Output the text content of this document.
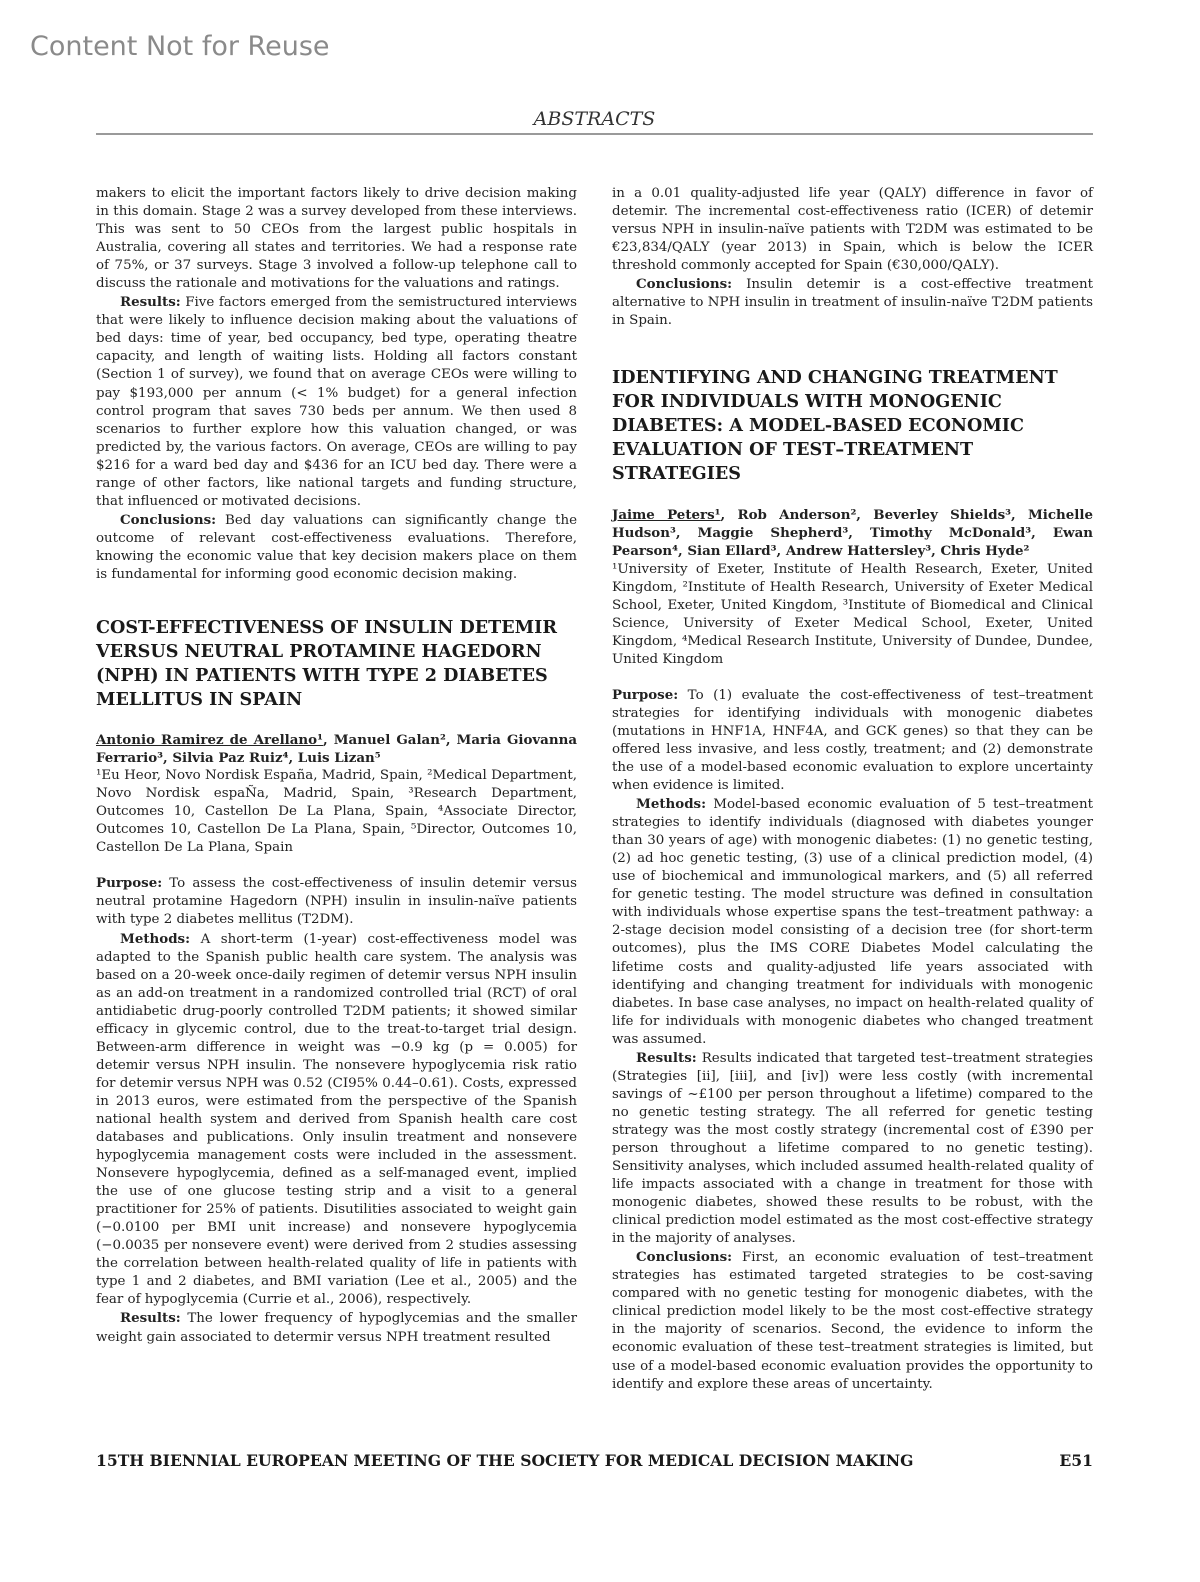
Content Not for Reuse
ABSTRACTS

makers to elicit the important factors likely to drive decision making in this domain. Stage 2 was a survey developed from these interviews. This was sent to 50 CEOs from the largest public hospitals in Australia, covering all states and territories. We had a response rate of 75%, or 37 surveys. Stage 3 involved a follow-up telephone call to discuss the rationale and motivations for the valuations and ratings.

Results: Five factors emerged from the semistructured interviews that were likely to influence decision making about the valuations of bed days: time of year, bed occupancy, bed type, operating theatre capacity, and length of waiting lists. Holding all factors constant (Section 1 of survey), we found that on average CEOs were willing to pay $193,000 per annum (< 1% budget) for a general infection control program that saves 730 beds per annum. We then used 8 scenarios to further explore how this valuation changed, or was predicted by, the various factors. On average, CEOs are willing to pay $216 for a ward bed day and $436 for an ICU bed day. There were a range of other factors, like national targets and funding structure, that influenced or motivated decisions.

Conclusions: Bed day valuations can significantly change the outcome of relevant cost-effectiveness evaluations. Therefore, knowing the economic value that key decision makers place on them is fundamental for informing good economic decision making.

COST-EFFECTIVENESS OF INSULIN DETEMIR VERSUS NEUTRAL PROTAMINE HAGEDORN (NPH) IN PATIENTS WITH TYPE 2 DIABETES MELLITUS IN SPAIN

Antonio Ramirez de Arellano¹, Manuel Galan², Maria Giovanna Ferrario³, Silvia Paz Ruiz⁴, Luis Lizan⁵

¹Eu Heor, Novo Nordisk España, Madrid, Spain, ²Medical Department, Novo Nordisk espaÑa, Madrid, Spain, ³Research Department, Outcomes 10, Castellon De La Plana, Spain, ⁴Associate Director, Outcomes 10, Castellon De La Plana, Spain, ⁵Director, Outcomes 10, Castellon De La Plana, Spain

Purpose: To assess the cost-effectiveness of insulin detemir versus neutral protamine Hagedorn (NPH) insulin in insulin-naïve patients with type 2 diabetes mellitus (T2DM).

Methods: A short-term (1-year) cost-effectiveness model was adapted to the Spanish public health care system. The analysis was based on a 20-week once-daily regimen of detemir versus NPH insulin as an add-on treatment in a randomized controlled trial (RCT) of oral antidiabetic drug-poorly controlled T2DM patients; it showed similar efficacy in glycemic control, due to the treat-to-target trial design. Between-arm difference in weight was −0.9 kg (p = 0.005) for detemir versus NPH insulin. The nonsevere hypoglycemia risk ratio for detemir versus NPH was 0.52 (CI95% 0.44–0.61). Costs, expressed in 2013 euros, were estimated from the perspective of the Spanish national health system and derived from Spanish health care cost databases and publications. Only insulin treatment and nonsevere hypoglycemia management costs were included in the assessment. Nonsevere hypoglycemia, defined as a self-managed event, implied the use of one glucose testing strip and a visit to a general practitioner for 25% of patients. Disutilities associated to weight gain (−0.0100 per BMI unit increase) and nonsevere hypoglycemia (−0.0035 per nonsevere event) were derived from 2 studies assessing the correlation between health-related quality of life in patients with type 1 and 2 diabetes, and BMI variation (Lee et al., 2005) and the fear of hypoglycemia (Currie et al., 2006), respectively.

Results: The lower frequency of hypoglycemias and the smaller weight gain associated to determir versus NPH treatment resulted

in a 0.01 quality-adjusted life year (QALY) difference in favor of detemir. The incremental cost-effectiveness ratio (ICER) of detemir versus NPH in insulin-naïve patients with T2DM was estimated to be €23,834/QALY (year 2013) in Spain, which is below the ICER threshold commonly accepted for Spain (€30,000/QALY).

Conclusions: Insulin detemir is a cost-effective treatment alternative to NPH insulin in treatment of insulin-naïve T2DM patients in Spain.

IDENTIFYING AND CHANGING TREATMENT FOR INDIVIDUALS WITH MONOGENIC DIABETES: A MODEL-BASED ECONOMIC EVALUATION OF TEST–TREATMENT STRATEGIES

Jaime Peters¹, Rob Anderson², Beverley Shields³, Michelle Hudson³, Maggie Shepherd³, Timothy McDonald³, Ewan Pearson⁴, Sian Ellard³, Andrew Hattersley³, Chris Hyde²

¹University of Exeter, Institute of Health Research, Exeter, United Kingdom, ²Institute of Health Research, University of Exeter Medical School, Exeter, United Kingdom, ³Institute of Biomedical and Clinical Science, University of Exeter Medical School, Exeter, United Kingdom, ⁴Medical Research Institute, University of Dundee, Dundee, United Kingdom

Purpose: To (1) evaluate the cost-effectiveness of test–treatment strategies for identifying individuals with monogenic diabetes (mutations in HNF1A, HNF4A, and GCK genes) so that they can be offered less invasive, and less costly, treatment; and (2) demonstrate the use of a model-based economic evaluation to explore uncertainty when evidence is limited.

Methods: Model-based economic evaluation of 5 test–treatment strategies to identify individuals (diagnosed with diabetes younger than 30 years of age) with monogenic diabetes: (1) no genetic testing, (2) ad hoc genetic testing, (3) use of a clinical prediction model, (4) use of biochemical and immunological markers, and (5) all referred for genetic testing. The model structure was defined in consultation with individuals whose expertise spans the test–treatment pathway: a 2-stage decision model consisting of a decision tree (for short-term outcomes), plus the IMS CORE Diabetes Model calculating the lifetime costs and quality-adjusted life years associated with identifying and changing treatment for individuals with monogenic diabetes. In base case analyses, no impact on health-related quality of life for individuals with monogenic diabetes who changed treatment was assumed.

Results: Results indicated that targeted test–treatment strategies (Strategies [ii], [iii], and [iv]) were less costly (with incremental savings of ~£100 per person throughout a lifetime) compared to the no genetic testing strategy. The all referred for genetic testing strategy was the most costly strategy (incremental cost of £390 per person throughout a lifetime compared to no genetic testing). Sensitivity analyses, which included assumed health-related quality of life impacts associated with a change in treatment for those with monogenic diabetes, showed these results to be robust, with the clinical prediction model estimated as the most cost-effective strategy in the majority of analyses.

Conclusions: First, an economic evaluation of test–treatment strategies has estimated targeted strategies to be cost-saving compared with no genetic testing for monogenic diabetes, with the clinical prediction model likely to be the most cost-effective strategy in the majority of scenarios. Second, the evidence to inform the economic evaluation of these test–treatment strategies is limited, but use of a model-based economic evaluation provides the opportunity to identify and explore these areas of uncertainty.

15TH BIENNIAL EUROPEAN MEETING OF THE SOCIETY FOR MEDICAL DECISION MAKING	E51
